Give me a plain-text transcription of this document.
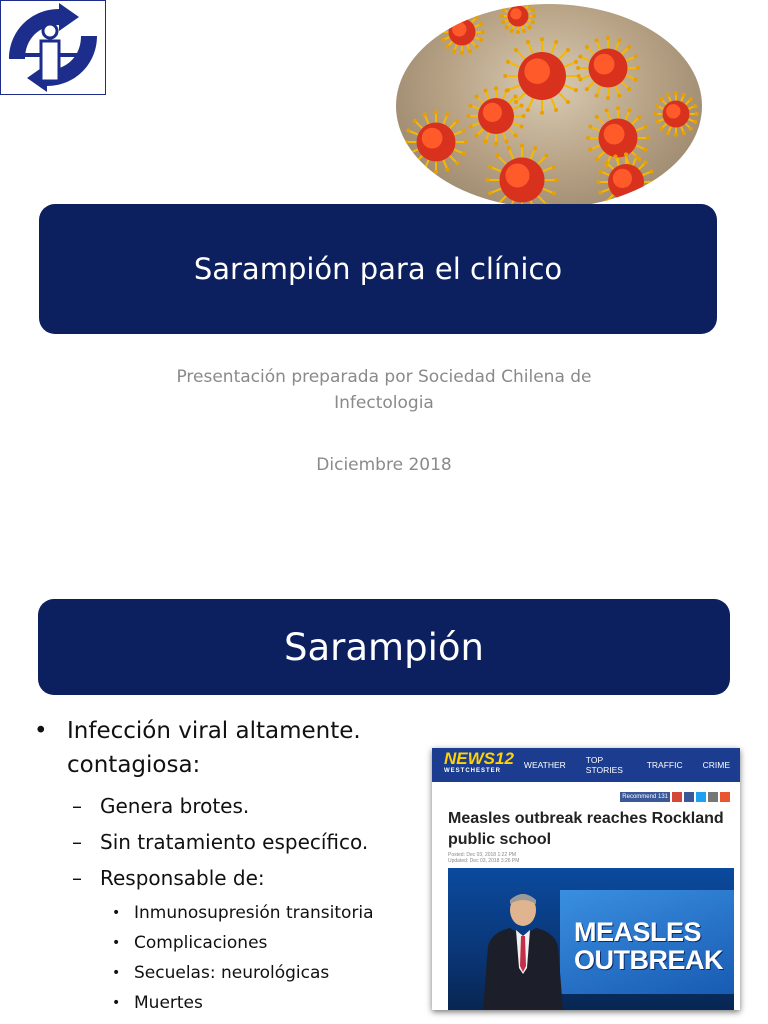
Sarampión para el clínico
Presentación preparada por Sociedad Chilena de
Infectologia
Diciembre 2018
Sarampión
• Infección viral altamente.
contagiosa:
– Genera brotes.
– Sin tratamiento específico.
– Responsable de:
• Inmunosupresión transitoria
• Complicaciones
• Secuelas: neurológicas
• Muertes
NEWS12
WESTCHESTER
WEATHER	TOP STORIES	TRAFFIC	CRIME
Recommend 131
Measles outbreak reaches Rockland public school
Posted: Dec 03, 2018 1:22 PM
Updated: Dec 03, 2018 3:26 PM
MEASLES
OUTBREAK
